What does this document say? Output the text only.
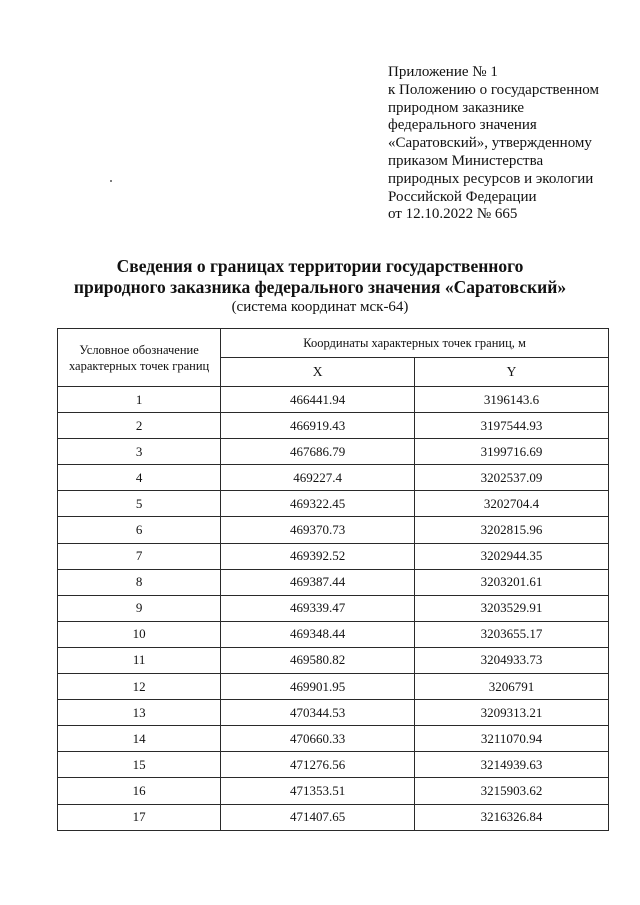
Приложение № 1
к Положению о государственном
природном заказнике
федерального значения
«Саратовский», утвержденному
приказом Министерства
природных ресурсов и экологии
Российской Федерации
от 12.10.2022 № 665
Сведения о границах территории государственного
природного заказника федерального значения «Саратовский»
(система координат мск-64)
Условное обозначение характерных точек границ	Координаты характерных точек границ, м	
	X	Y
1	466441.94	3196143.6
2	466919.43	3197544.93
3	467686.79	3199716.69
4	469227.4	3202537.09
5	469322.45	3202704.4
6	469370.73	3202815.96
7	469392.52	3202944.35
8	469387.44	3203201.61
9	469339.47	3203529.91
10	469348.44	3203655.17
11	469580.82	3204933.73
12	469901.95	3206791
13	470344.53	3209313.21
14	470660.33	3211070.94
15	471276.56	3214939.63
16	471353.51	3215903.62
17	471407.65	3216326.84
